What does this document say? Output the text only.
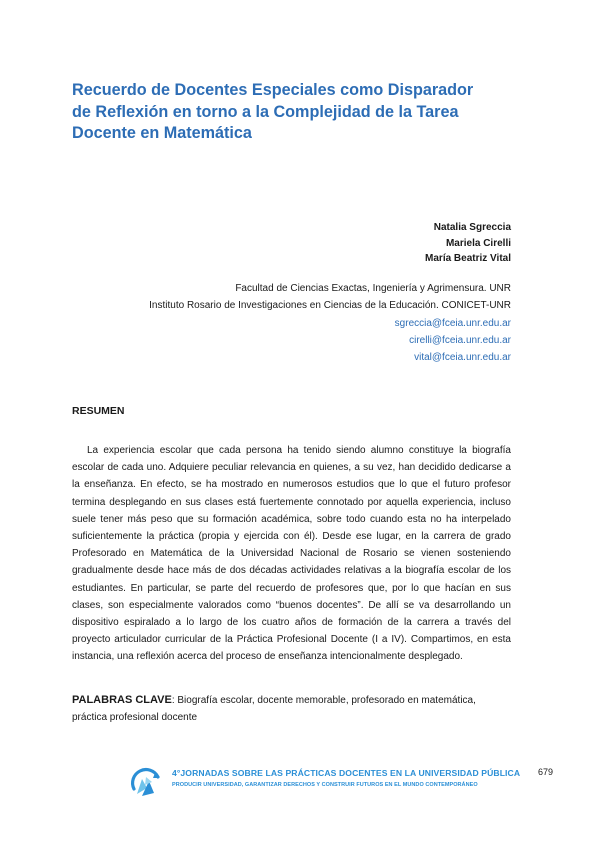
Recuerdo de Docentes Especiales como Disparador
de Reflexión en torno a la Complejidad de la Tarea
Docente en Matemática
Natalia Sgreccia
Mariela Cirelli
María Beatriz Vital
Facultad de Ciencias Exactas, Ingeniería y Agrimensura. UNR
Instituto Rosario de Investigaciones en Ciencias de la Educación. CONICET-UNR
sgreccia@fceia.unr.edu.ar
cirelli@fceia.unr.edu.ar
vital@fceia.unr.edu.ar
RESUMEN

La experiencia escolar que cada persona ha tenido siendo alumno constituye la biografía escolar de cada uno. Adquiere peculiar relevancia en quienes, a su vez, han decidido dedicarse a la enseñanza. En efecto, se ha mostrado en numerosos estudios que lo que el futuro profesor termina desplegando en sus clases está fuertemente connotado por aquella experiencia, incluso suele tener más peso que su formación académica, sobre todo cuando esta no ha interpelado suficientemente la práctica (propia y ejercida con él). Desde ese lugar, en la carrera de grado Profesorado en Matemática de la Universidad Nacional de Rosario se vienen sosteniendo gradualmente desde hace más de dos décadas actividades relativas a la biografía escolar de los estudiantes. En particular, se parte del recuerdo de profesores que, por lo que hacían en sus clases, son especialmente valorados como “buenos docentes”. De allí se va desarrollando un dispositivo espiralado a lo largo de los cuatro años de formación de la carrera a través del proyecto articulador curricular de la Práctica Profesional Docente (I a IV). Compartimos, en esta instancia, una reflexión acerca del proceso de enseñanza intencionalmente desplegado.

PALABRAS CLAVE: Biografía escolar, docente memorable, profesorado en matemática, práctica profesional docente

4°JORNADAS SOBRE LAS PRÁCTICAS DOCENTES EN LA UNIVERSIDAD PÚBLICA
PRODUCIR UNIVERSIDAD, GARANTIZAR DERECHOS Y CONSTRUIR FUTUROS EN EL MUNDO CONTEMPORÁNEO
679
